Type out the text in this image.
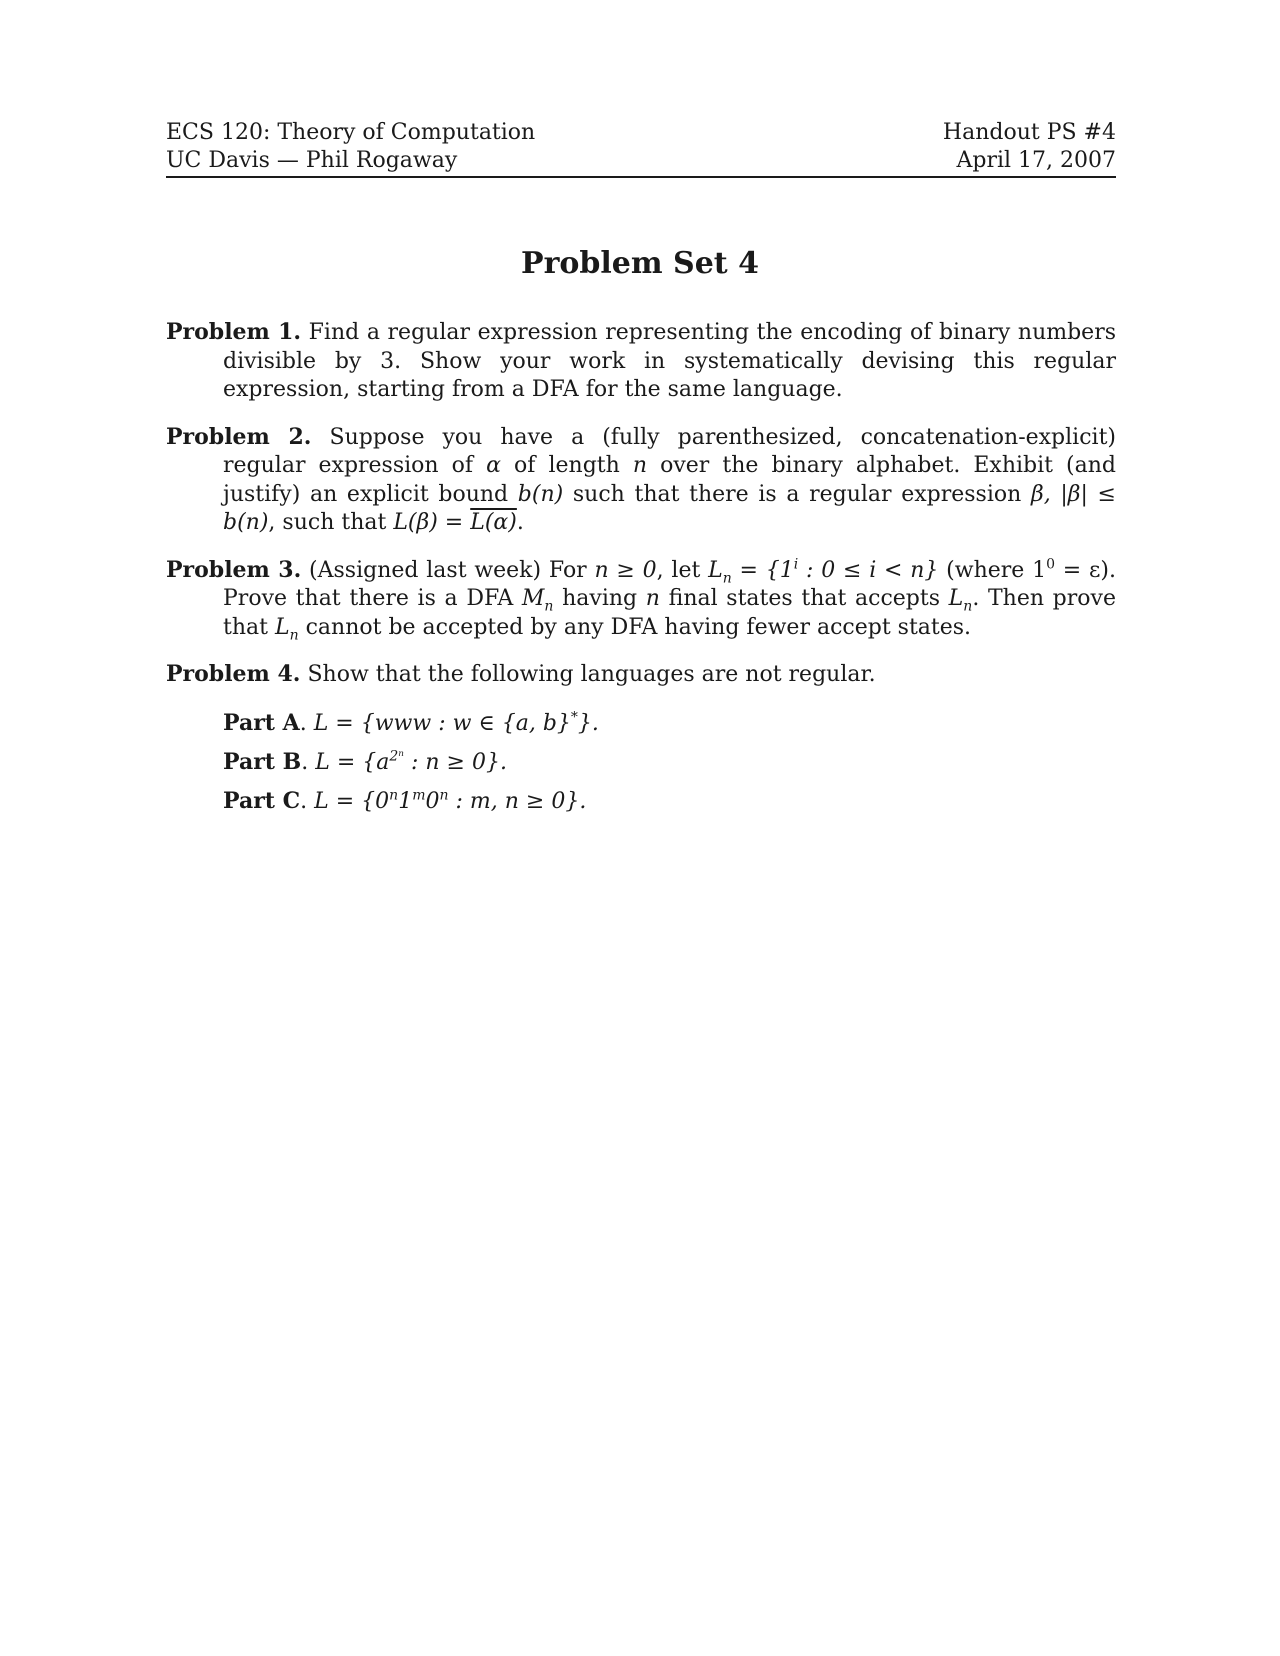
ECS 120: Theory of Computation
UC Davis — Phil Rogaway
Handout PS #4
April 17, 2007
Problem Set 4
Problem 1. Find a regular expression representing the encoding of binary numbers divisible by 3. Show your work in systematically devising this regular expression, starting from a DFA for the same language.
Problem 2. Suppose you have a (fully parenthesized, concatenation-explicit) regular expression of α of length n over the binary alphabet. Exhibit (and justify) an explicit bound b(n) such that there is a regular expression β, |β| ≤ b(n), such that L(β) = L(α).
Problem 3. (Assigned last week) For n ≥ 0, let $L_n = \{1^i$ : 0 ≤ i < n} (where $1^0 = \varepsilon$). Prove that there is a DFA $M_n$ having n final states that accepts $L_n$. Then prove that $L_n$ cannot be accepted by any DFA having fewer accept states.
Problem 4. Show that the following languages are not regular.
Part A. L = {www : w ∈ {a, b}*}.
Part B. $L = \{a^{2^n}$ : n ≥ 0}.
Part C. $L = \{0^n1^m0^n$ : m, n ≥ 0}.
